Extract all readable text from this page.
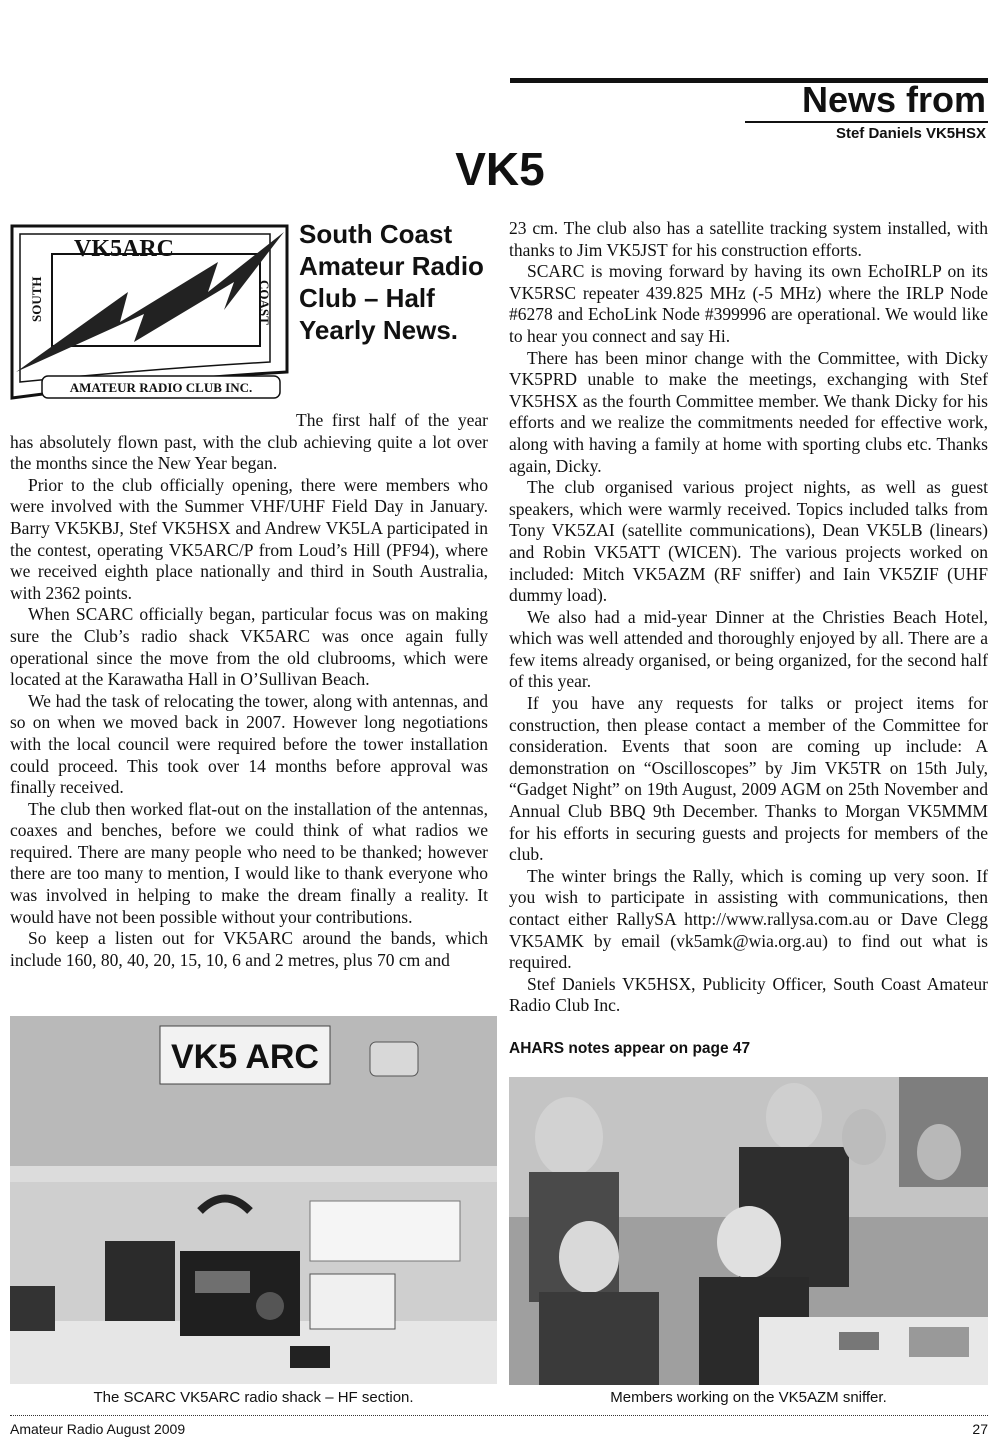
News from
Stef Daniels VK5HSX
VK5
VK5ARC
SOUTH	COAST
AMATEUR RADIO CLUB INC.
South Coast Amateur Radio Club – Half Yearly News.

The first half of the year has absolutely flown past, with the club achieving quite a lot over the months since the New Year began.

Prior to the club officially opening, there were members who were involved with the Summer VHF/UHF Field Day in January. Barry VK5KBJ, Stef VK5HSX and Andrew VK5LA participated in the contest, operating VK5ARC/P from Loud’s Hill (PF94), where we received eighth place nationally and third in South Australia, with 2362 points.

When SCARC officially began, particular focus was on making sure the Club’s radio shack VK5ARC was once again fully operational since the move from the old clubrooms, which were located at the Karawatha Hall in O’Sullivan Beach.

We had the task of relocating the tower, along with antennas, and so on when we moved back in 2007. However long negotiations with the local council were required before the tower installation could proceed. This took over 14 months before approval was finally received.

The club then worked flat-out on the installation of the antennas, coaxes and benches, before we could think of what radios we required. There are many people who need to be thanked; however there are too many to mention, I would like to thank everyone who was involved in helping to make the dream finally a reality. It would have not been possible without your contributions.

So keep a listen out for VK5ARC around the bands, which include 160, 80, 40, 20, 15, 10, 6 and 2 metres, plus 70 cm and

23 cm. The club also has a satellite tracking system installed, with thanks to Jim VK5JST for his construction efforts.

SCARC is moving forward by having its own EchoIRLP on its VK5RSC repeater 439.825 MHz (-5 MHz) where the IRLP Node #6278 and EchoLink Node #399996 are operational. We would like to hear you connect and say Hi.

There has been minor change with the Committee, with Dicky VK5PRD unable to make the meetings, exchanging with Stef VK5HSX as the fourth Committee member. We thank Dicky for his efforts and we realize the commitments needed for effective work, along with having a family at home with sporting clubs etc. Thanks again, Dicky.

The club organised various project nights, as well as guest speakers, which were warmly received. Topics included talks from Tony VK5ZAI (satellite communications), Dean VK5LB (linears) and Robin VK5ATT (WICEN). The various projects worked on included: Mitch VK5AZM (RF sniffer) and Iain VK5ZIF (UHF dummy load).

We also had a mid-year Dinner at the Christies Beach Hotel, which was well attended and thoroughly enjoyed by all. There are a few items already organised, or being organized, for the second half of this year.

If you have any requests for talks or project items for construction, then please contact a member of the Committee for consideration. Events that soon are coming up include: A demonstration on “Oscilloscopes” by Jim VK5TR on 15th July, “Gadget Night” on 19th August, 2009 AGM on 25th November and Annual Club BBQ 9th December. Thanks to Morgan VK5MMM for his efforts in securing guests and projects for members of the club.

The winter brings the Rally, which is coming up very soon. If you wish to participate in assisting with communications, then contact either RallySA http://www.rallysa.com.au or Dave Clegg VK5AMK by email (vk5amk@wia.org.au) to find out what is required.

Stef Daniels VK5HSX, Publicity Officer, South Coast Amateur Radio Club Inc.

AHARS notes appear on page 47
VK5 ARC
The SCARC VK5ARC radio shack – HF section.	Members working on the VK5AZM sniffer.
Amateur Radio August 2009	27
